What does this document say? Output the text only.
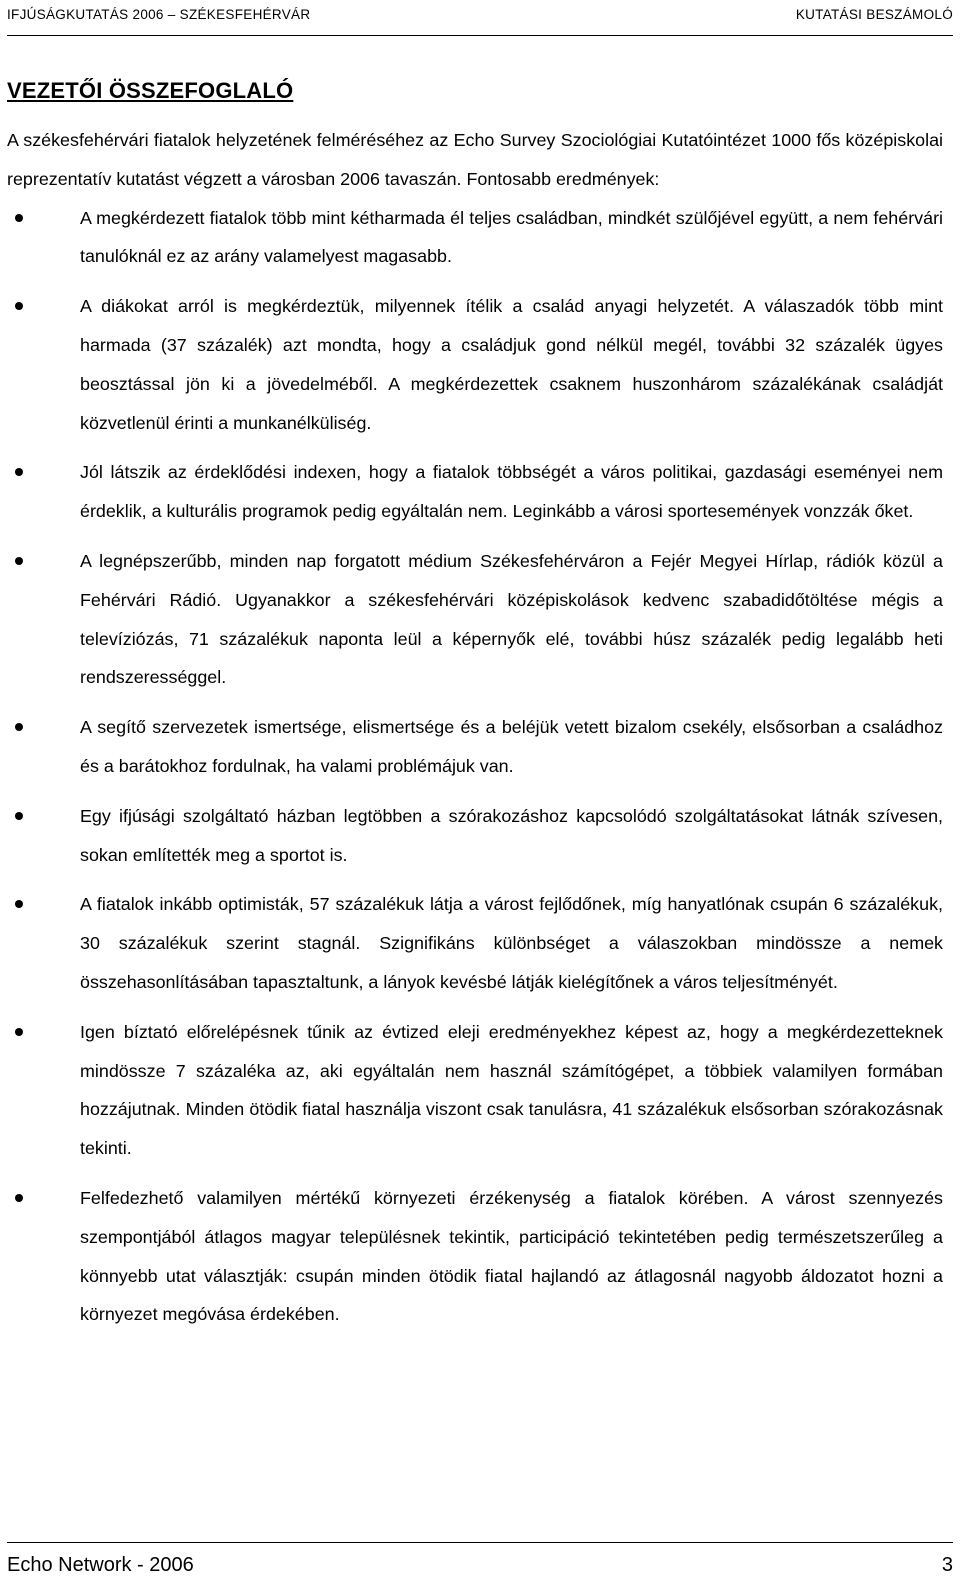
IFJÚSÁGKUTATÁS 2006 – SZÉKESFEHÉRVÁR	KUTATÁSI BESZÁMOLÓ
VEZETŐI ÖSSZEFOGLALÓ

A székesfehérvári fiatalok helyzetének felméréséhez az Echo Survey Szociológiai Kutatóintézet 1000 fős középiskolai reprezentatív kutatást végzett a városban 2006 tavaszán. Fontosabb eredmények:

A megkérdezett fiatalok több mint kétharmada él teljes családban, mindkét szülőjével együtt, a nem fehérvári tanulóknál ez az arány valamelyest magasabb.
A diákokat arról is megkérdeztük, milyennek ítélik a család anyagi helyzetét. A válaszadók több mint harmada (37 százalék) azt mondta, hogy a családjuk gond nélkül megél, további 32 százalék ügyes beosztással jön ki a jövedelméből. A megkérdezettek csaknem huszonhárom százalékának családját közvetlenül érinti a munkanélküliség.
Jól látszik az érdeklődési indexen, hogy a fiatalok többségét a város politikai, gazdasági eseményei nem érdeklik, a kulturális programok pedig egyáltalán nem. Leginkább a városi sportesemények vonzzák őket.
A legnépszerűbb, minden nap forgatott médium Székesfehérváron a Fejér Megyei Hírlap, rádiók közül a Fehérvári Rádió. Ugyanakkor a székesfehérvári középiskolások kedvenc szabadidőtöltése mégis a televíziózás, 71 százalékuk naponta leül a képernyők elé, további húsz százalék pedig legalább heti rendszerességgel.
A segítő szervezetek ismertsége, elismertsége és a beléjük vetett bizalom csekély, elsősorban a családhoz és a barátokhoz fordulnak, ha valami problémájuk van.
Egy ifjúsági szolgáltató házban legtöbben a szórakozáshoz kapcsolódó szolgáltatásokat látnák szívesen, sokan említették meg a sportot is.
A fiatalok inkább optimisták, 57 százalékuk látja a várost fejlődőnek, míg hanyatlónak csupán 6 százalékuk, 30 százalékuk szerint stagnál. Szignifikáns különbséget a válaszokban mindössze a nemek összehasonlításában tapasztaltunk, a lányok kevésbé látják kielégítőnek a város teljesítményét.
Igen bíztató előrelépésnek tűnik az évtized eleji eredményekhez képest az, hogy a megkérdezetteknek mindössze 7 százaléka az, aki egyáltalán nem használ számítógépet, a többiek valamilyen formában hozzájutnak. Minden ötödik fiatal használja viszont csak tanulásra, 41 százalékuk elsősorban szórakozásnak tekinti.
Felfedezhető valamilyen mértékű környezeti érzékenység a fiatalok körében. A várost szennyezés szempontjából átlagos magyar településnek tekintik, participáció tekintetében pedig természetszerűleg a könnyebb utat választják: csupán minden ötödik fiatal hajlandó az átlagosnál nagyobb áldozatot hozni a környezet megóvása érdekében.
Echo Network - 2006	3
